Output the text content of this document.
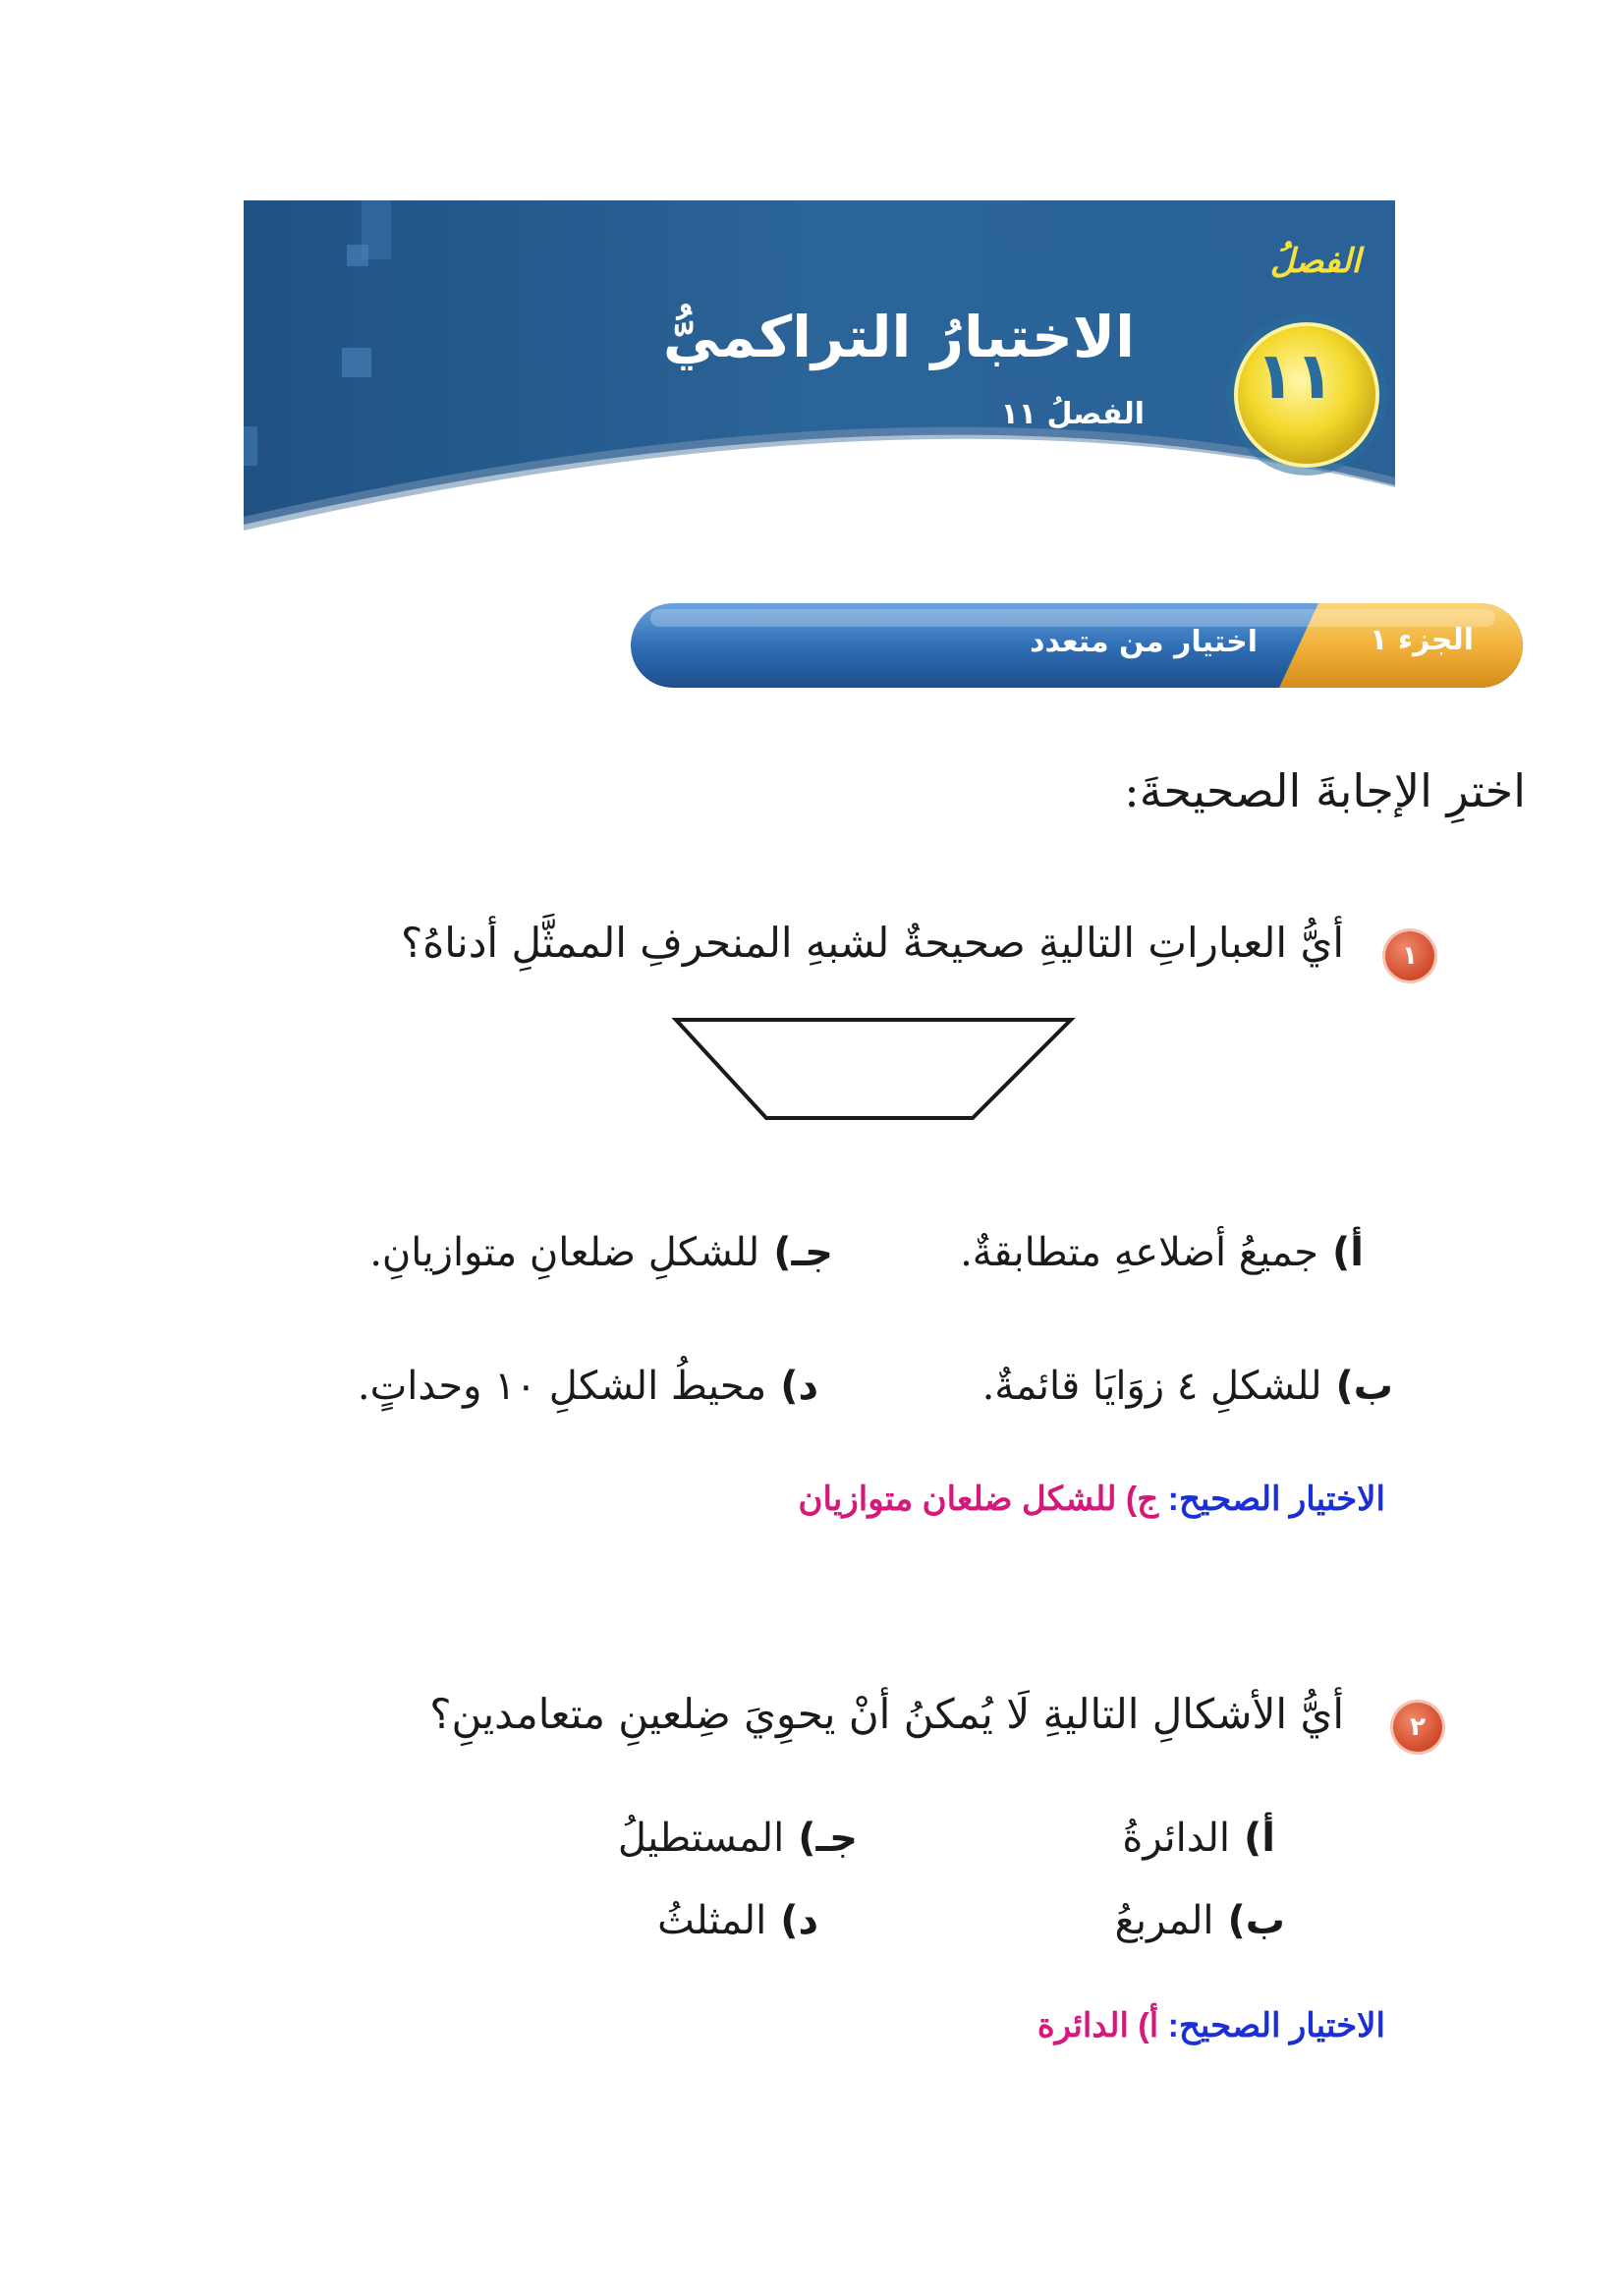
الفصلُ
١١
الاختبارُ التراكميُّ
الفصلُ ١١
الجزء ١
اختيار من متعدد
اخترِ الإجابةَ الصحيحةَ:
١
أيُّ العباراتِ التاليةِ صحيحةٌ لشبهِ المنحرفِ الممثَّلِ أدناهُ؟
أ)جميعُ أضلاعهِ متطابقةٌ.
جـ)للشكلِ ضلعانِ متوازيانِ.
ب)للشكلِ ٤ زوَايَا قائمةٌ.
د)محيطُ الشكلِ ١٠ وحداتٍ.
الاختيار الصحيح: ج) للشكل ضلعان متوازيان
٢
أيُّ الأشكالِ التاليةِ لَا يُمكنُ أنْ يحوِيَ ضِلعينِ متعامدينِ؟
أ)الدائرةُ
جـ)المستطيلُ
ب)المربعُ
د)المثلثُ
الاختيار الصحيح: أ) الدائرة
